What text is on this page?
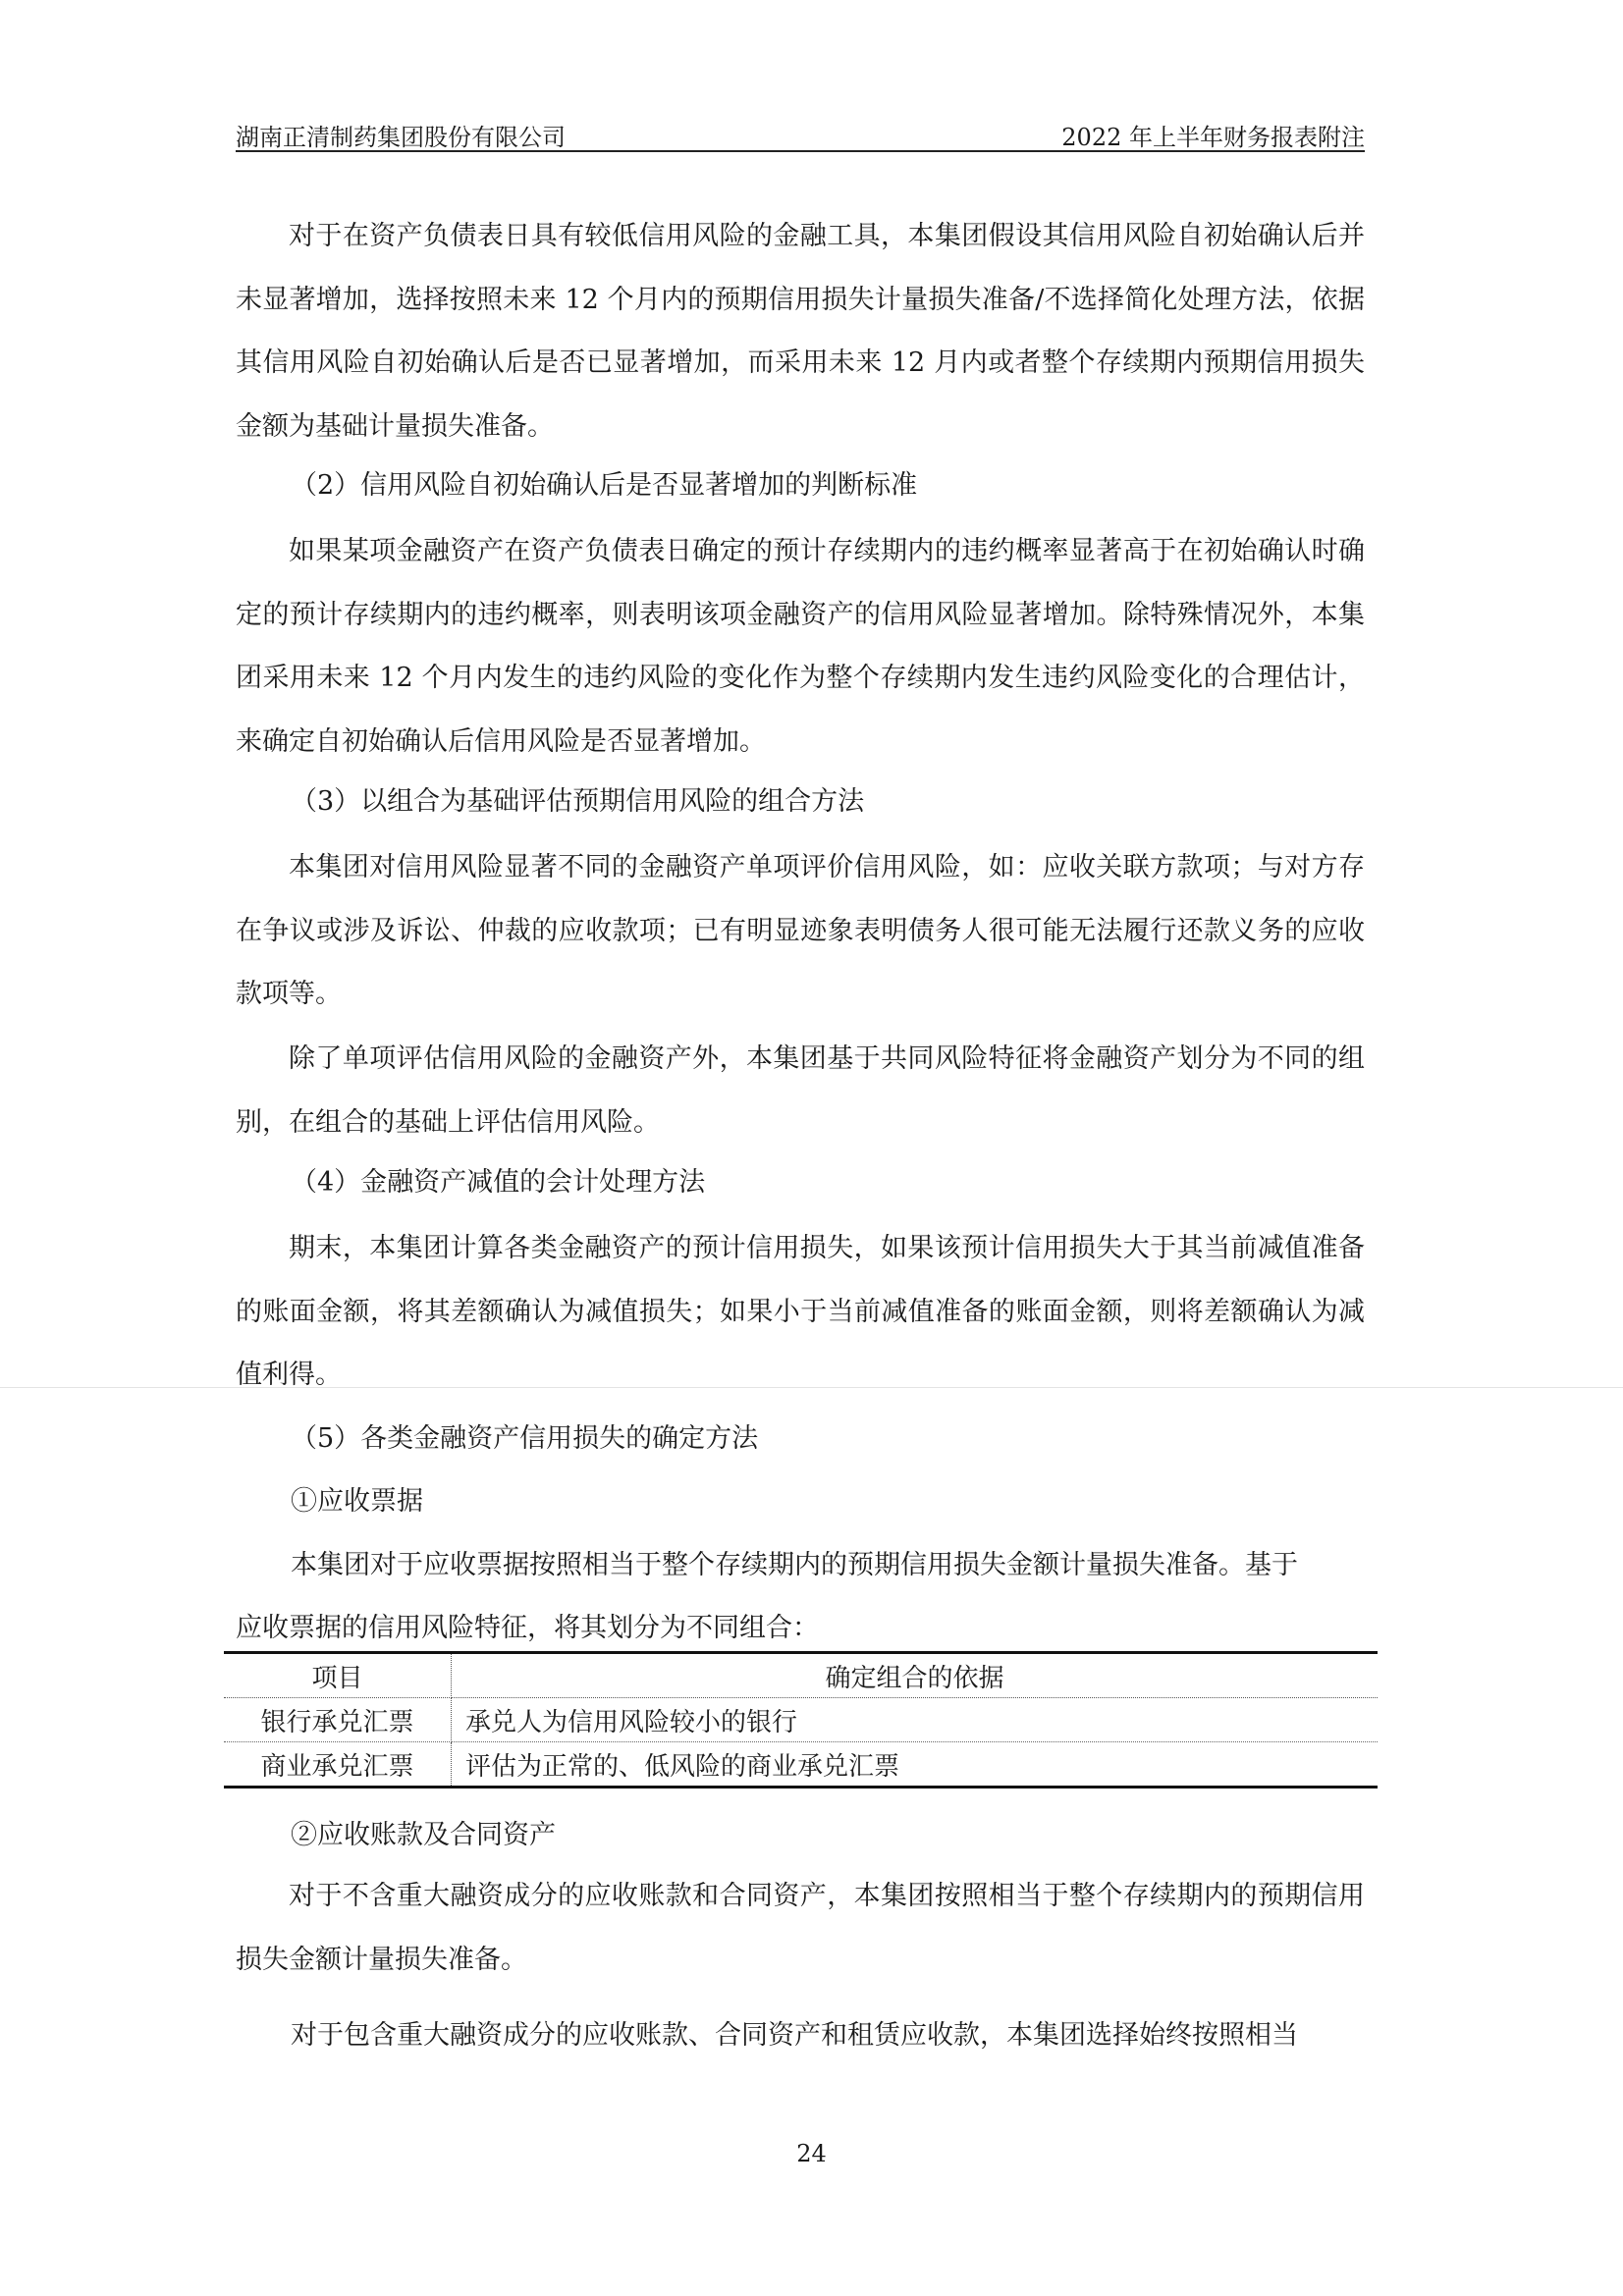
湖南正清制药集团股份有限公司	2022 年上半年财务报表附注

对于在资产负债表日具有较低信用风险的金融工具，本集团假设其信用风险自初始确认后并未显著增加，选择按照未来 12 个月内的预期信用损失计量损失准备/不选择简化处理方法，依据其信用风险自初始确认后是否已显著增加，而采用未来 12 月内或者整个存续期内预期信用损失金额为基础计量损失准备。

（2）信用风险自初始确认后是否显著增加的判断标准

如果某项金融资产在资产负债表日确定的预计存续期内的违约概率显著高于在初始确认时确定的预计存续期内的违约概率，则表明该项金融资产的信用风险显著增加。除特殊情况外，本集团采用未来 12 个月内发生的违约风险的变化作为整个存续期内发生违约风险变化的合理估计，来确定自初始确认后信用风险是否显著增加。

（3）以组合为基础评估预期信用风险的组合方法

本集团对信用风险显著不同的金融资产单项评价信用风险，如：应收关联方款项；与对方存在争议或涉及诉讼、仲裁的应收款项；已有明显迹象表明债务人很可能无法履行还款义务的应收款项等。

除了单项评估信用风险的金融资产外，本集团基于共同风险特征将金融资产划分为不同的组别，在组合的基础上评估信用风险。

（4）金融资产减值的会计处理方法

期末，本集团计算各类金融资产的预计信用损失，如果该预计信用损失大于其当前减值准备的账面金额，将其差额确认为减值损失；如果小于当前减值准备的账面金额，则将差额确认为减值利得。

（5）各类金融资产信用损失的确定方法

①应收票据

本集团对于应收票据按照相当于整个存续期内的预期信用损失金额计量损失准备。基于

应收票据的信用风险特征，将其划分为不同组合：

项目	确定组合的依据
银行承兑汇票	承兑人为信用风险较小的银行
商业承兑汇票	评估为正常的、低风险的商业承兑汇票

②应收账款及合同资产

对于不含重大融资成分的应收账款和合同资产，本集团按照相当于整个存续期内的预期信用损失金额计量损失准备。

对于包含重大融资成分的应收账款、合同资产和租赁应收款，本集团选择始终按照相当

24
